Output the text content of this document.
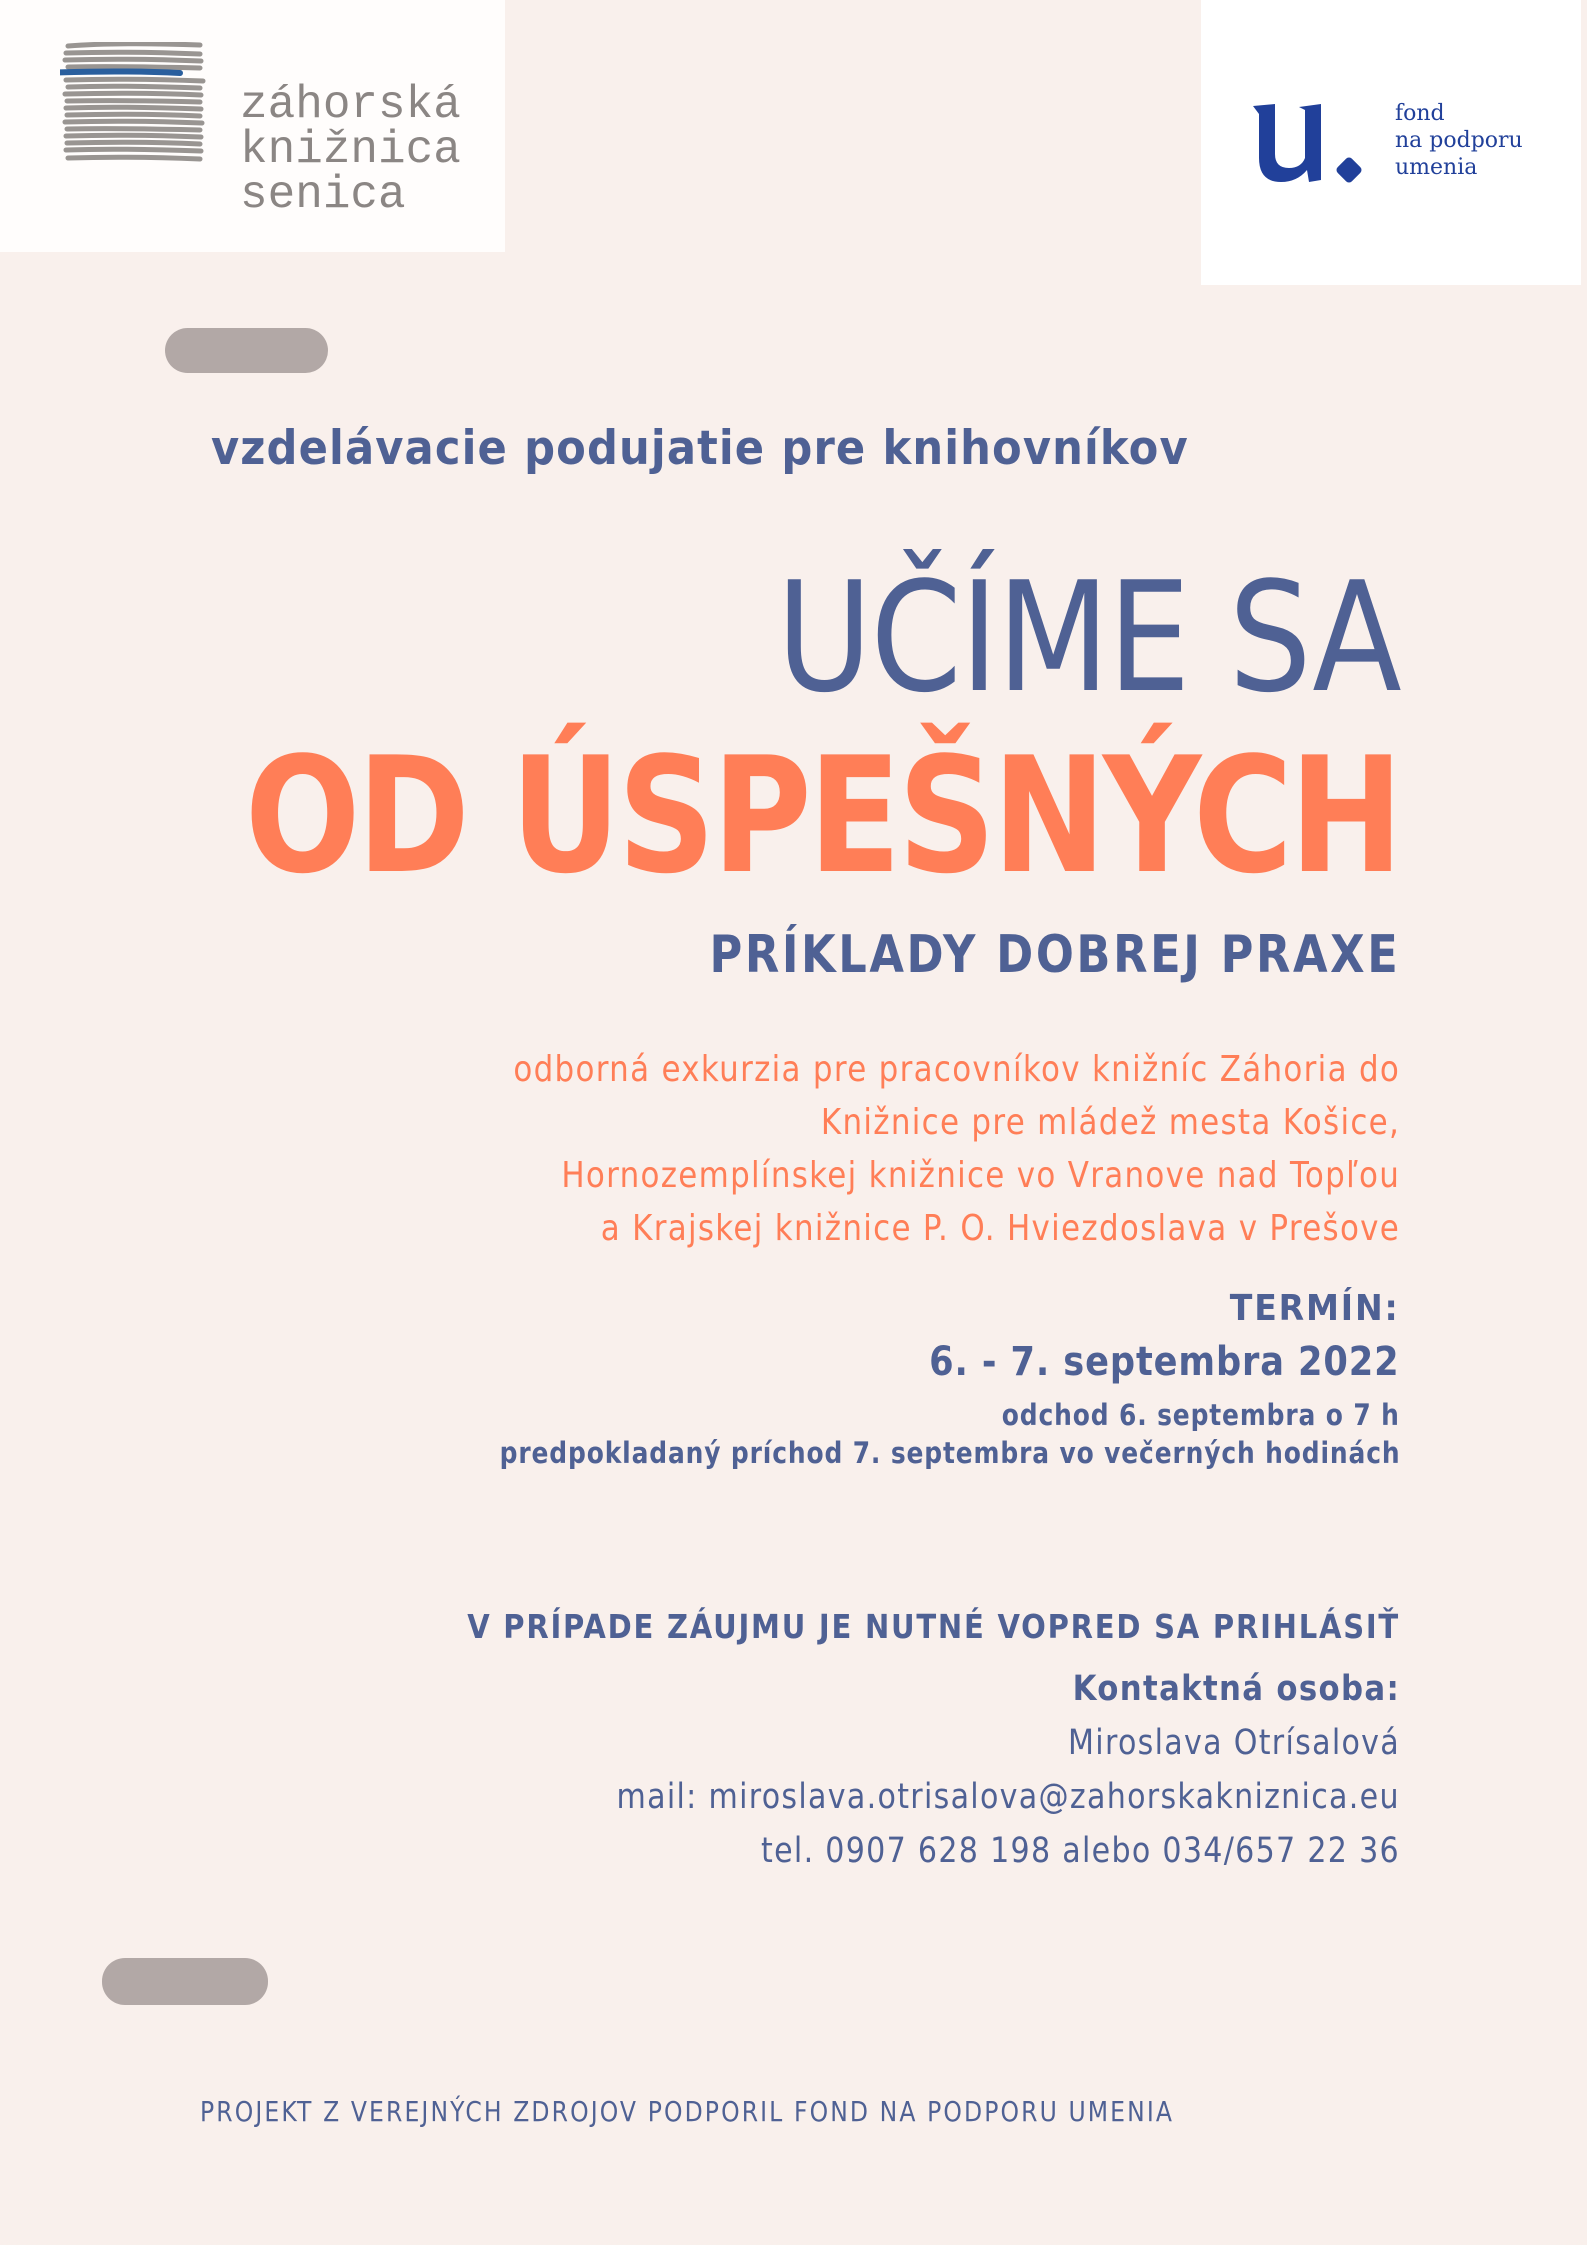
záhorská
knižnica
senica
fond
na podporu
umenia

vzdelávacie podujatie pre knihovníkov

UČÍME SA
OD ÚSPEŠNÝCH
PRÍKLADY DOBREJ PRAXE
odborná exkurzia pre pracovníkov knižníc Záhoria do
Knižnice pre mládež mesta Košice,
Hornozemplínskej knižnice vo Vranove nad Topľou
a Krajskej knižnice P. O. Hviezdoslava v Prešove

TERMÍN:

6. - 7. septembra 2022

odchod 6. septembra o 7 h

predpokladaný príchod 7. septembra vo večerných hodinách

V PRÍPADE ZÁUJMU JE NUTNÉ VOPRED SA PRIHLÁSIŤ

Kontaktná osoba:

Miroslava Otrísalová

mail: miroslava.otrisalova@zahorskakniznica.eu

tel. 0907 628 198 alebo 034/657 22 36

PROJEKT Z VEREJNÝCH ZDROJOV PODPORIL FOND NA PODPORU UMENIA
